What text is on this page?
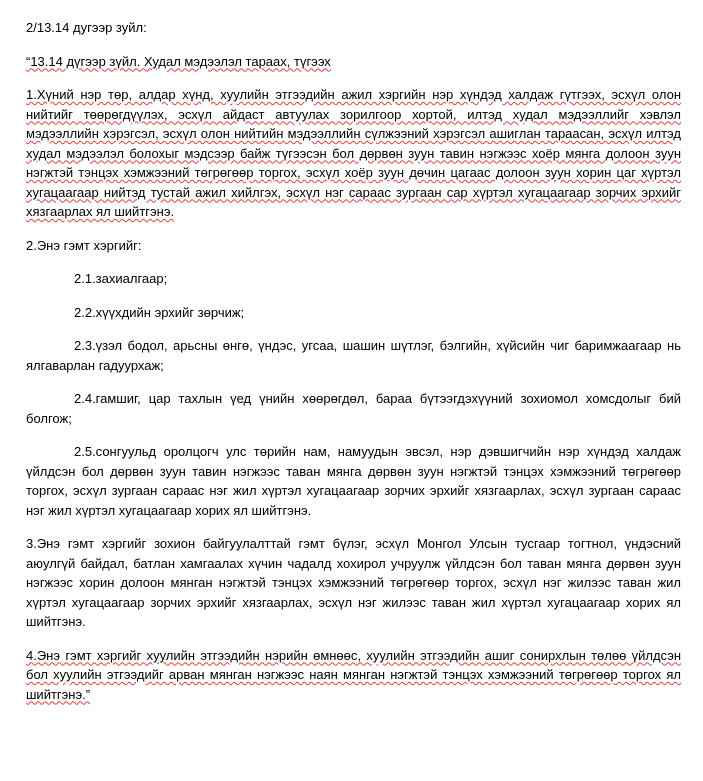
2/13.14 дугээр зуйл:

“13.14 дүгээр зүйл. Худал мэдээлэл тараах, түгээх

1.Хүний нэр төр, алдар хүнд, хуулийн этгээдийн ажил хэргийн нэр хүндэд халдаж гүтгээх, эсхүл олон нийтийг төөрөгдүүлэх, эсхүл айдаст автуулах зорилгоор хортой, илтэд худал мэдээллийг хэвлэл мэдээллийн хэрэгсэл, эсхүл олон нийтийн мэдээллийн сүлжээний хэрэгсэл ашиглан тараасан, эсхүл илтэд худал мэдээлэл болохыг мэдсээр байж түгээсэн бол дөрвөн зуун тавин нэгжээс хоёр мянга долоон зуун нэгжтэй тэнцэх хэмжээний төгрөгөөр торгох, эсхүл хоёр зуун дөчин цагаас долоон зуун хорин цаг хүртэл хугацаагаар нийтэд тустай ажил хийлгэх, эсхүл нэг сараас зургаан сар хүртэл хугацаагаар зорчих эрхийг хязгаарлах ял шийтгэнэ.

2.Энэ гэмт хэргийг:

2.1.захиалгаар;

2.2.хүүхдийн эрхийг зөрчиж;

2.3.үзэл бодол, арьсны өнгө, үндэс, угсаа, шашин шүтлэг, бэлгийн, хүйсийн чиг баримжаагаар нь ялгаварлан гадуурхаж;

2.4.гамшиг, цар тахлын үед үнийн хөөрөгдөл, бараа бүтээгдэхүүний зохиомол хомсдолыг бий болгож;

2.5.сонгуульд оролцогч улс төрийн нам, намуудын эвсэл, нэр дэвшигчийн нэр хүндэд халдаж үйлдсэн бол дөрвөн зуун тавин нэгжээс таван мянга дөрвөн зуун нэгжтэй тэнцэх хэмжээний төгрөгөөр торгох, эсхүл зургаан сараас нэг жил хүртэл хугацаагаар зорчих эрхийг хязгаарлах, эсхүл зургаан сараас нэг жил хүртэл хугацаагаар хорих ял шийтгэнэ.

3.Энэ гэмт хэргийг зохион байгуулалттай гэмт бүлэг, эсхүл Монгол Улсын тусгаар тогтнол, үндэсний аюулгүй байдал, батлан хамгаалах хүчин чадалд хохирол учруулж үйлдсэн бол таван мянга дөрвөн зуун нэгжээс хорин долоон мянган нэгжтэй тэнцэх хэмжээний төгрөгөөр торгох, эсхүл нэг жилээс таван жил хүртэл хугацаагаар зорчих эрхийг хязгаарлах, эсхүл нэг жилээс таван жил хүртэл хугацаагаар хорих ял шийтгэнэ.

4.Энэ гэмт хэргийг хуулийн этгээдийн нэрийн өмнөөс, хуулийн этгээдийн ашиг сонирхлын төлөө үйлдсэн бол хуулийн этгээдийг арван мянган нэгжээс наян мянган нэгжтэй тэнцэх хэмжээний төгрөгөөр торгох ял шийтгэнэ.”
